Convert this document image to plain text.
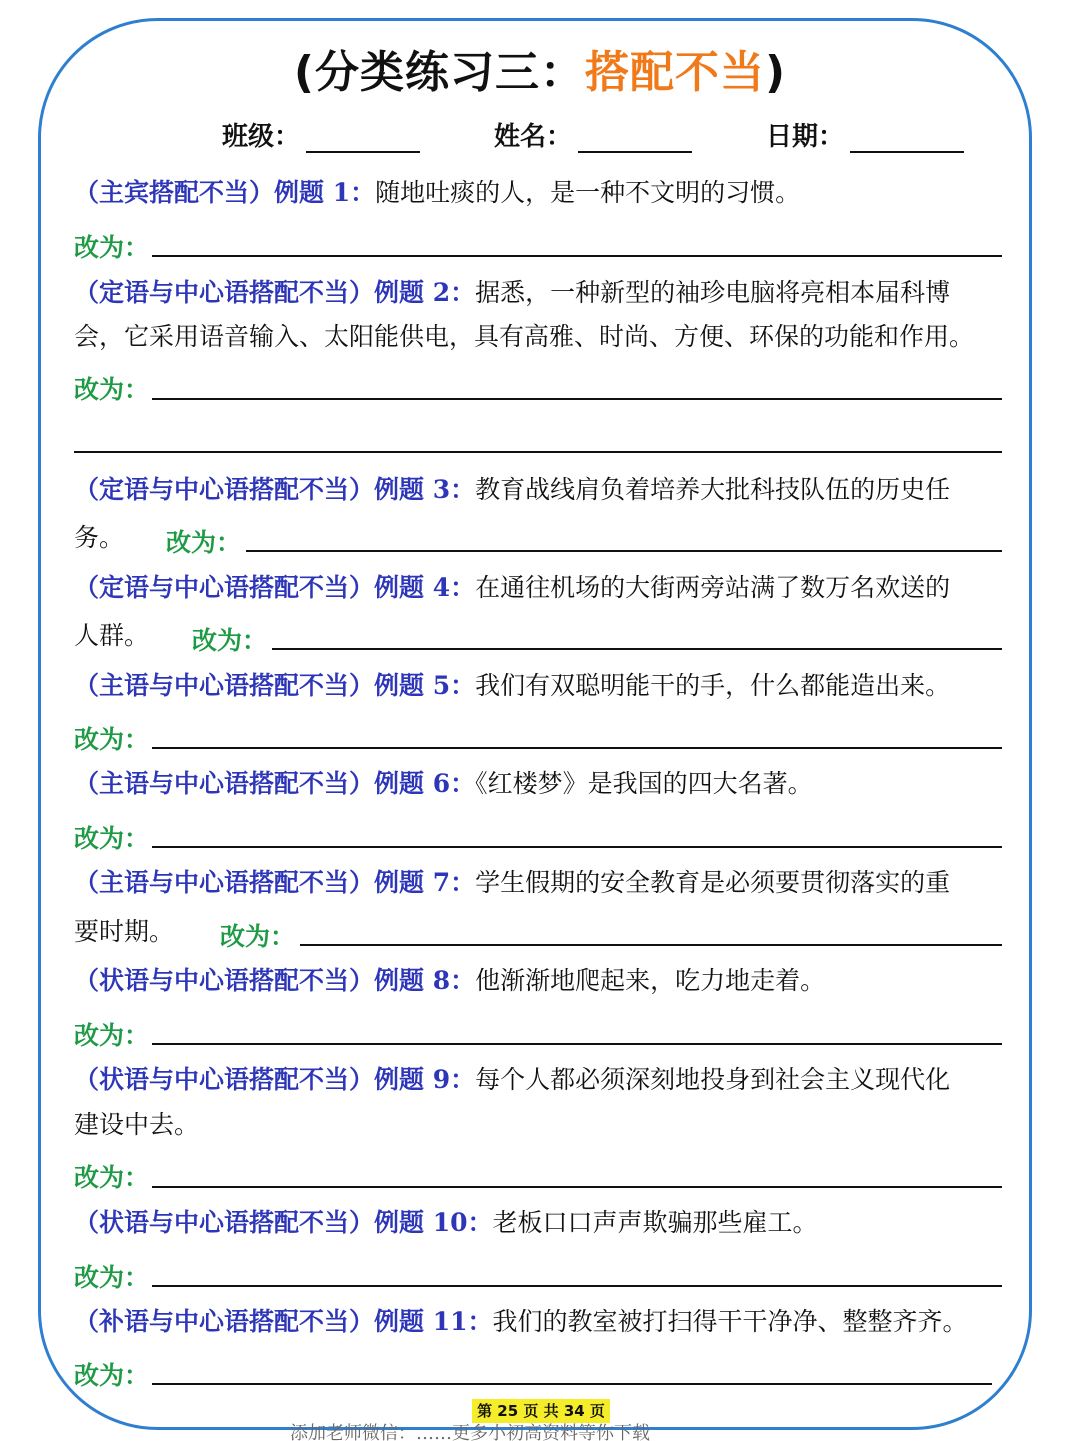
(分类练习三：搭配不当)
班级：	姓名：	日期：
（主宾搭配不当）例题 1：随地吐痰的人，是一种不文明的习惯。
改为：
（定语与中心语搭配不当）例题 2：据悉，一种新型的袖珍电脑将亮相本届科博
会，它采用语音输入、太阳能供电，具有高雅、时尚、方便、环保的功能和作用。
改为：
（定语与中心语搭配不当）例题 3：教育战线肩负着培养大批科技队伍的历史任
务。 改为：
（定语与中心语搭配不当）例题 4：在通往机场的大街两旁站满了数万名欢送的
人群。 改为：
（主语与中心语搭配不当）例题 5：我们有双聪明能干的手，什么都能造出来。
改为：
（主语与中心语搭配不当）例题 6：《红楼梦》是我国的四大名著。
改为：
（主语与中心语搭配不当）例题 7：学生假期的安全教育是必须要贯彻落实的重
要时期。 改为：
（状语与中心语搭配不当）例题 8：他渐渐地爬起来，吃力地走着。
改为：
（状语与中心语搭配不当）例题 9：每个人都必须深刻地投身到社会主义现代化
建设中去。
改为：
（状语与中心语搭配不当）例题 10：老板口口声声欺骗那些雇工。
改为：
（补语与中心语搭配不当）例题 11：我们的教室被打扫得干干净净、整整齐齐。
改为：
第 25 页 共 34 页
添加老师微信：……更多小初高资料等你下载
